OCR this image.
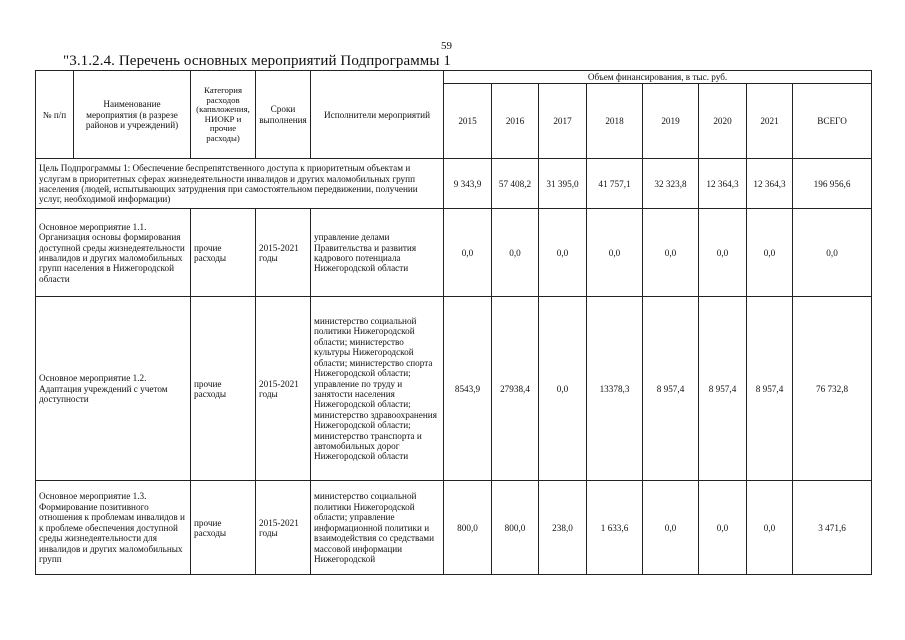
59
"3.1.2.4. Перечень основных мероприятий Подпрограммы 1
№ п/п	Наименование мероприятия (в разрезе районов и учреждений)	Категория расходов (капвложения, НИОКР и прочие расходы)	Сроки выполнения	Исполнители мероприятий	Объем финансирования, в тыс. руб.							
					2015	2016	2017	2018	2019	2020	2021	ВСЕГО
Цель Подпрограммы 1: Обеспечение беспрепятственного доступа к приоритетным объектам и услугам в приоритетных сферах жизнедеятельности инвалидов и других маломобильных групп населения (людей, испытывающих затруднения при самостоятельном передвижении, получении услуг, необходимой информации)					9 343,9	57 408,2	31 395,0	41 757,1	32 323,8	12 364,3	12 364,3	196 956,6
Основное мероприятие 1.1. Организация основы формирования доступной среды жизнедеятельности инвалидов и других маломобильных групп населения в Нижегородской области		прочие расходы	2015-2021 годы	управление делами Правительства и развития кадрового потенциала Нижегородской области	0,0	0,0	0,0	0,0	0,0	0,0	0,0	0,0
Основное мероприятие 1.2. Адаптация учреждений с учетом доступности		прочие расходы	2015-2021 годы	министерство социальной политики Нижегородской области; министерство культуры Нижегородской области; министерство спорта Нижегородской области; управление по труду и занятости населения Нижегородской области; министерство здравоохранения Нижегородской области; министерство транспорта и автомобильных дорог Нижегородской области	8543,9	27938,4	0,0	13378,3	8 957,4	8 957,4	8 957,4	76 732,8
Основное мероприятие 1.3. Формирование позитивного отношения к проблемам инвалидов и к проблеме обеспечения доступной среды жизнедеятельности для инвалидов и других маломобильных групп		прочие расходы	2015-2021 годы	министерство социальной политики Нижегородской области; управление информационной политики и взаимодействия со средствами массовой информации Нижегородской	800,0	800,0	238,0	1 633,6	0,0	0,0	0,0	3 471,6
